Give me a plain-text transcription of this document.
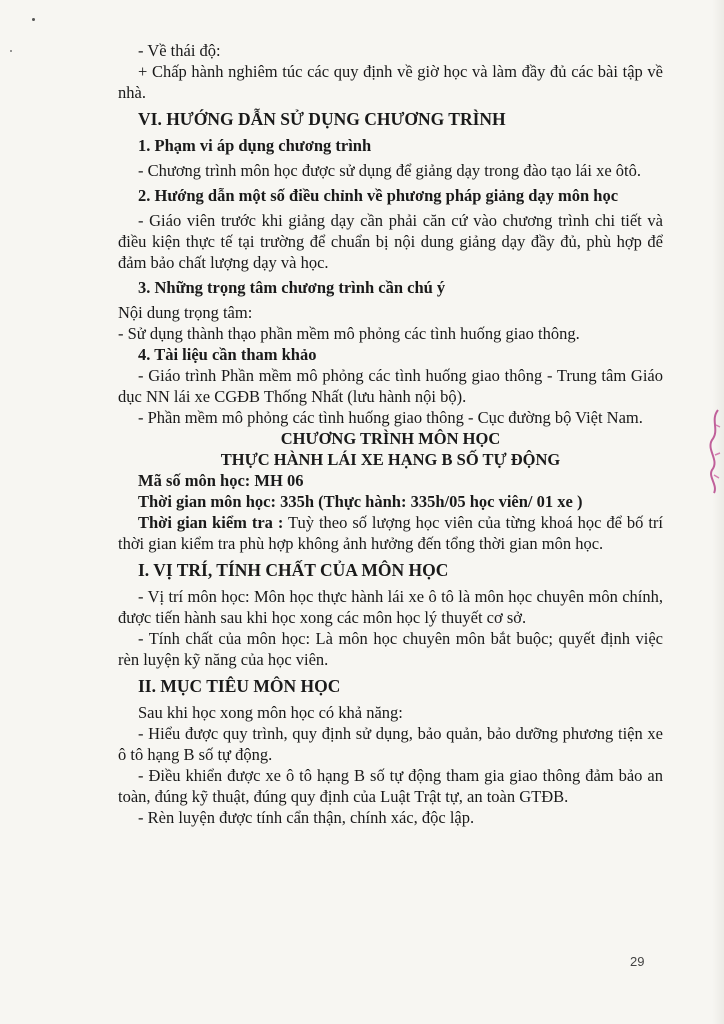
- Về thái độ:

+ Chấp hành nghiêm túc các quy định về giờ học và làm đầy đủ các bài tập về nhà.

VI. HƯỚNG DẪN SỬ DỤNG CHƯƠNG TRÌNH
1. Phạm vi áp dụng chương trình

- Chương trình môn học được sử dụng để giảng dạy trong đào tạo lái xe ôtô.

2. Hướng dẫn một số điều chỉnh về phương pháp giảng dạy môn học

- Giáo viên trước khi giảng dạy cần phải căn cứ vào chương trình chi tiết và điều kiện thực tế tại trường để chuẩn bị nội dung giảng dạy đầy đủ, phù hợp để đảm bảo chất lượng dạy và học.

3. Những trọng tâm chương trình cần chú ý

Nội dung trọng tâm:

- Sử dụng thành thạo phần mềm mô phỏng các tình huống giao thông.

4. Tài liệu cần tham khảo

- Giáo trình Phần mềm mô phỏng các tình huống giao thông - Trung tâm Giáo dục NN lái xe CGĐB Thống Nhất (lưu hành nội bộ).

- Phần mềm mô phỏng các tình huống giao thông - Cục đường bộ Việt Nam.

CHƯƠNG TRÌNH MÔN HỌC
THỰC HÀNH LÁI XE HẠNG B SỐ TỰ ĐỘNG

Mã số môn học: MH 06

Thời gian môn học: 335h (Thực hành: 335h/05 học viên/ 01 xe )

Thời gian kiểm tra : Tuỳ theo số lượng học viên của từng khoá học để bố trí thời gian kiểm tra phù hợp không ảnh hưởng đến tổng thời gian môn học.

I. VỊ TRÍ, TÍNH CHẤT CỦA MÔN HỌC

- Vị trí môn học: Môn học thực hành lái xe ô tô là môn học chuyên môn chính, được tiến hành sau khi học xong các môn học lý thuyết cơ sở.

- Tính chất của môn học: Là môn học chuyên môn bắt buộc; quyết định việc rèn luyện kỹ năng của học viên.

II. MỤC TIÊU MÔN HỌC

Sau khi học xong môn học có khả năng:

- Hiểu được quy trình, quy định sử dụng, bảo quản, bảo dưỡng phương tiện xe ô tô hạng B số tự động.

- Điều khiển được xe ô tô hạng B số tự động tham gia giao thông đảm bảo an toàn, đúng kỹ thuật, đúng quy định của Luật Trật tự, an toàn GTĐB.

- Rèn luyện được tính cẩn thận, chính xác, độc lập.

29
